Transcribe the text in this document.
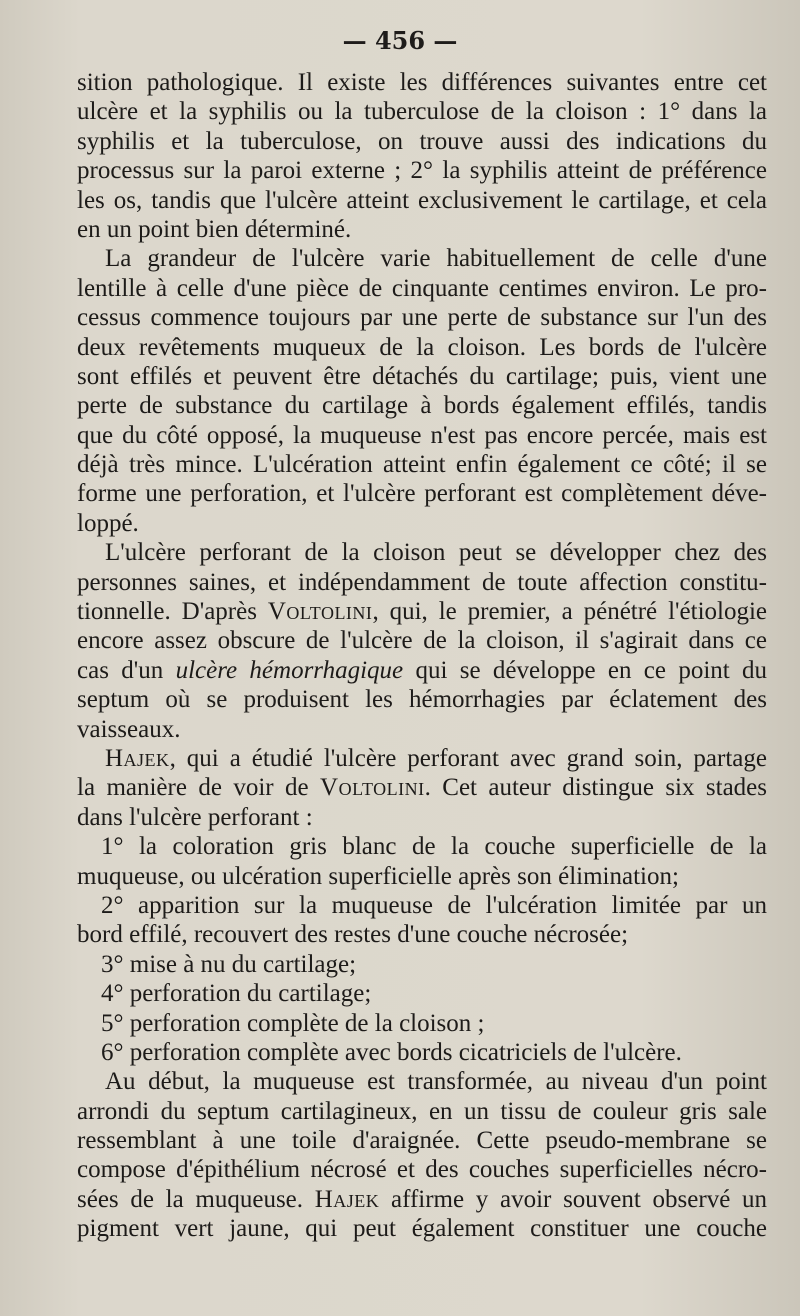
— 456 —

sition pathologique. Il existe les différences suivantes entre cet
ulcère et la syphilis ou la tuberculose de la cloison : 1° dans la
syphilis et la tuberculose, on trouve aussi des indications du
processus sur la paroi externe ; 2° la syphilis atteint de préférence
les os, tandis que l'ulcère atteint exclusivement le cartilage, et cela
en un point bien déterminé.

La grandeur de l'ulcère varie habituellement de celle d'une
lentille à celle d'une pièce de cinquante centimes environ. Le pro-
cessus commence toujours par une perte de substance sur l'un des
deux revêtements muqueux de la cloison. Les bords de l'ulcère
sont effilés et peuvent être détachés du cartilage; puis, vient une
perte de substance du cartilage à bords également effilés, tandis
que du côté opposé, la muqueuse n'est pas encore percée, mais est
déjà très mince. L'ulcération atteint enfin également ce côté; il se
forme une perforation, et l'ulcère perforant est complètement déve-
loppé.

L'ulcère perforant de la cloison peut se développer chez des
personnes saines, et indépendamment de toute affection constitu-
tionnelle. D'après Voltolini, qui, le premier, a pénétré l'étiologie
encore assez obscure de l'ulcère de la cloison, il s'agirait dans ce
cas d'un ulcère hémorrhagique qui se développe en ce point du
septum où se produisent les hémorrhagies par éclatement des
vaisseaux.

Hajek, qui a étudié l'ulcère perforant avec grand soin, partage
la manière de voir de Voltolini. Cet auteur distingue six stades
dans l'ulcère perforant :

1° la coloration gris blanc de la couche superficielle de la
muqueuse, ou ulcération superficielle après son élimination;
2° apparition sur la muqueuse de l'ulcération limitée par un
bord effilé, recouvert des restes d'une couche nécrosée;
3° mise à nu du cartilage;
4° perforation du cartilage;
5° perforation complète de la cloison ;
6° perforation complète avec bords cicatriciels de l'ulcère.

Au début, la muqueuse est transformée, au niveau d'un point
arrondi du septum cartilagineux, en un tissu de couleur gris sale
ressemblant à une toile d'araignée. Cette pseudo-membrane se
compose d'épithélium nécrosé et des couches superficielles nécro-
sées de la muqueuse. Hajek affirme y avoir souvent observé un
pigment vert jaune, qui peut également constituer une couche
